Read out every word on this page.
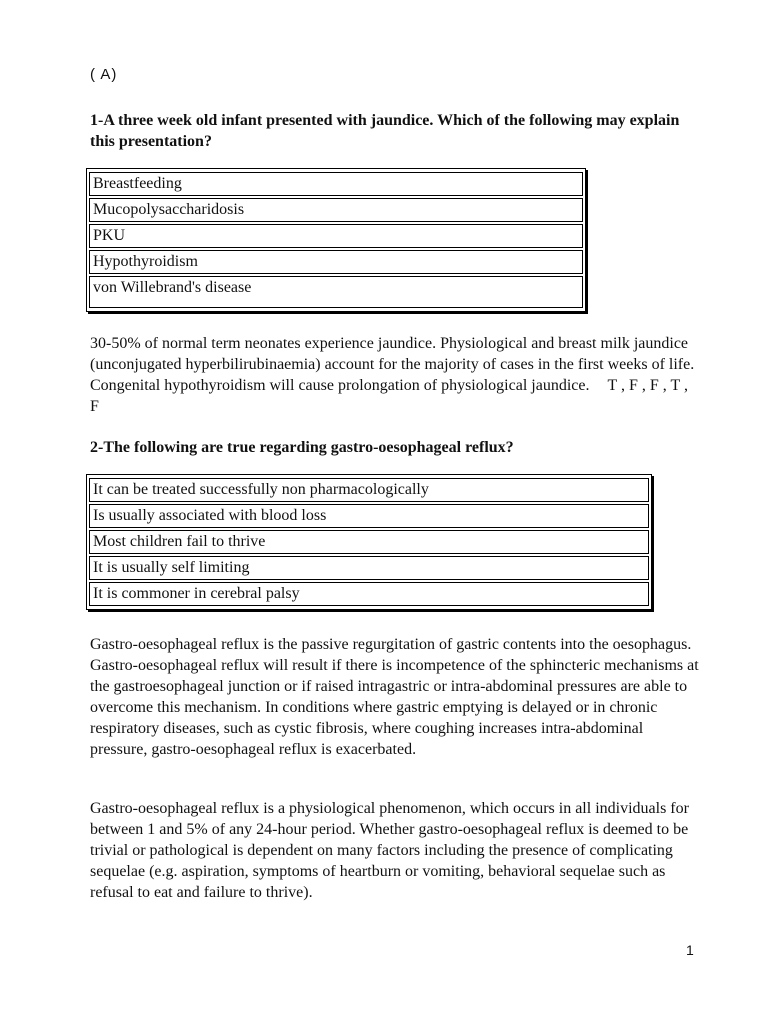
( A)

1-A three week old infant presented with jaundice. Which of the following may explain this presentation?

Breastfeeding
Mucopolysaccharidosis
PKU
Hypothyroidism
von Willebrand's disease

30-50% of normal term neonates experience jaundice. Physiological and breast milk jaundice (unconjugated hyperbilirubinaemia) account for the majority of cases in the first weeks of life. Congenital hypothyroidism will cause prolongation of physiological jaundice. T , F , F , T , F

2-The following are true regarding gastro-oesophageal reflux?

It can be treated successfully non pharmacologically
Is usually associated with blood loss
Most children fail to thrive
It is usually self limiting
It is commoner in cerebral palsy

Gastro-oesophageal reflux is the passive regurgitation of gastric contents into the oesophagus. Gastro-oesophageal reflux will result if there is incompetence of the sphincteric mechanisms at the gastroesophageal junction or if raised intragastric or intra-abdominal pressures are able to overcome this mechanism. In conditions where gastric emptying is delayed or in chronic respiratory diseases, such as cystic fibrosis, where coughing increases intra-abdominal pressure, gastro-oesophageal reflux is exacerbated.

Gastro-oesophageal reflux is a physiological phenomenon, which occurs in all individuals for between 1 and 5% of any 24-hour period. Whether gastro-oesophageal reflux is deemed to be trivial or pathological is dependent on many factors including the presence of complicating sequelae (e.g. aspiration, symptoms of heartburn or vomiting, behavioral sequelae such as refusal to eat and failure to thrive).

1
